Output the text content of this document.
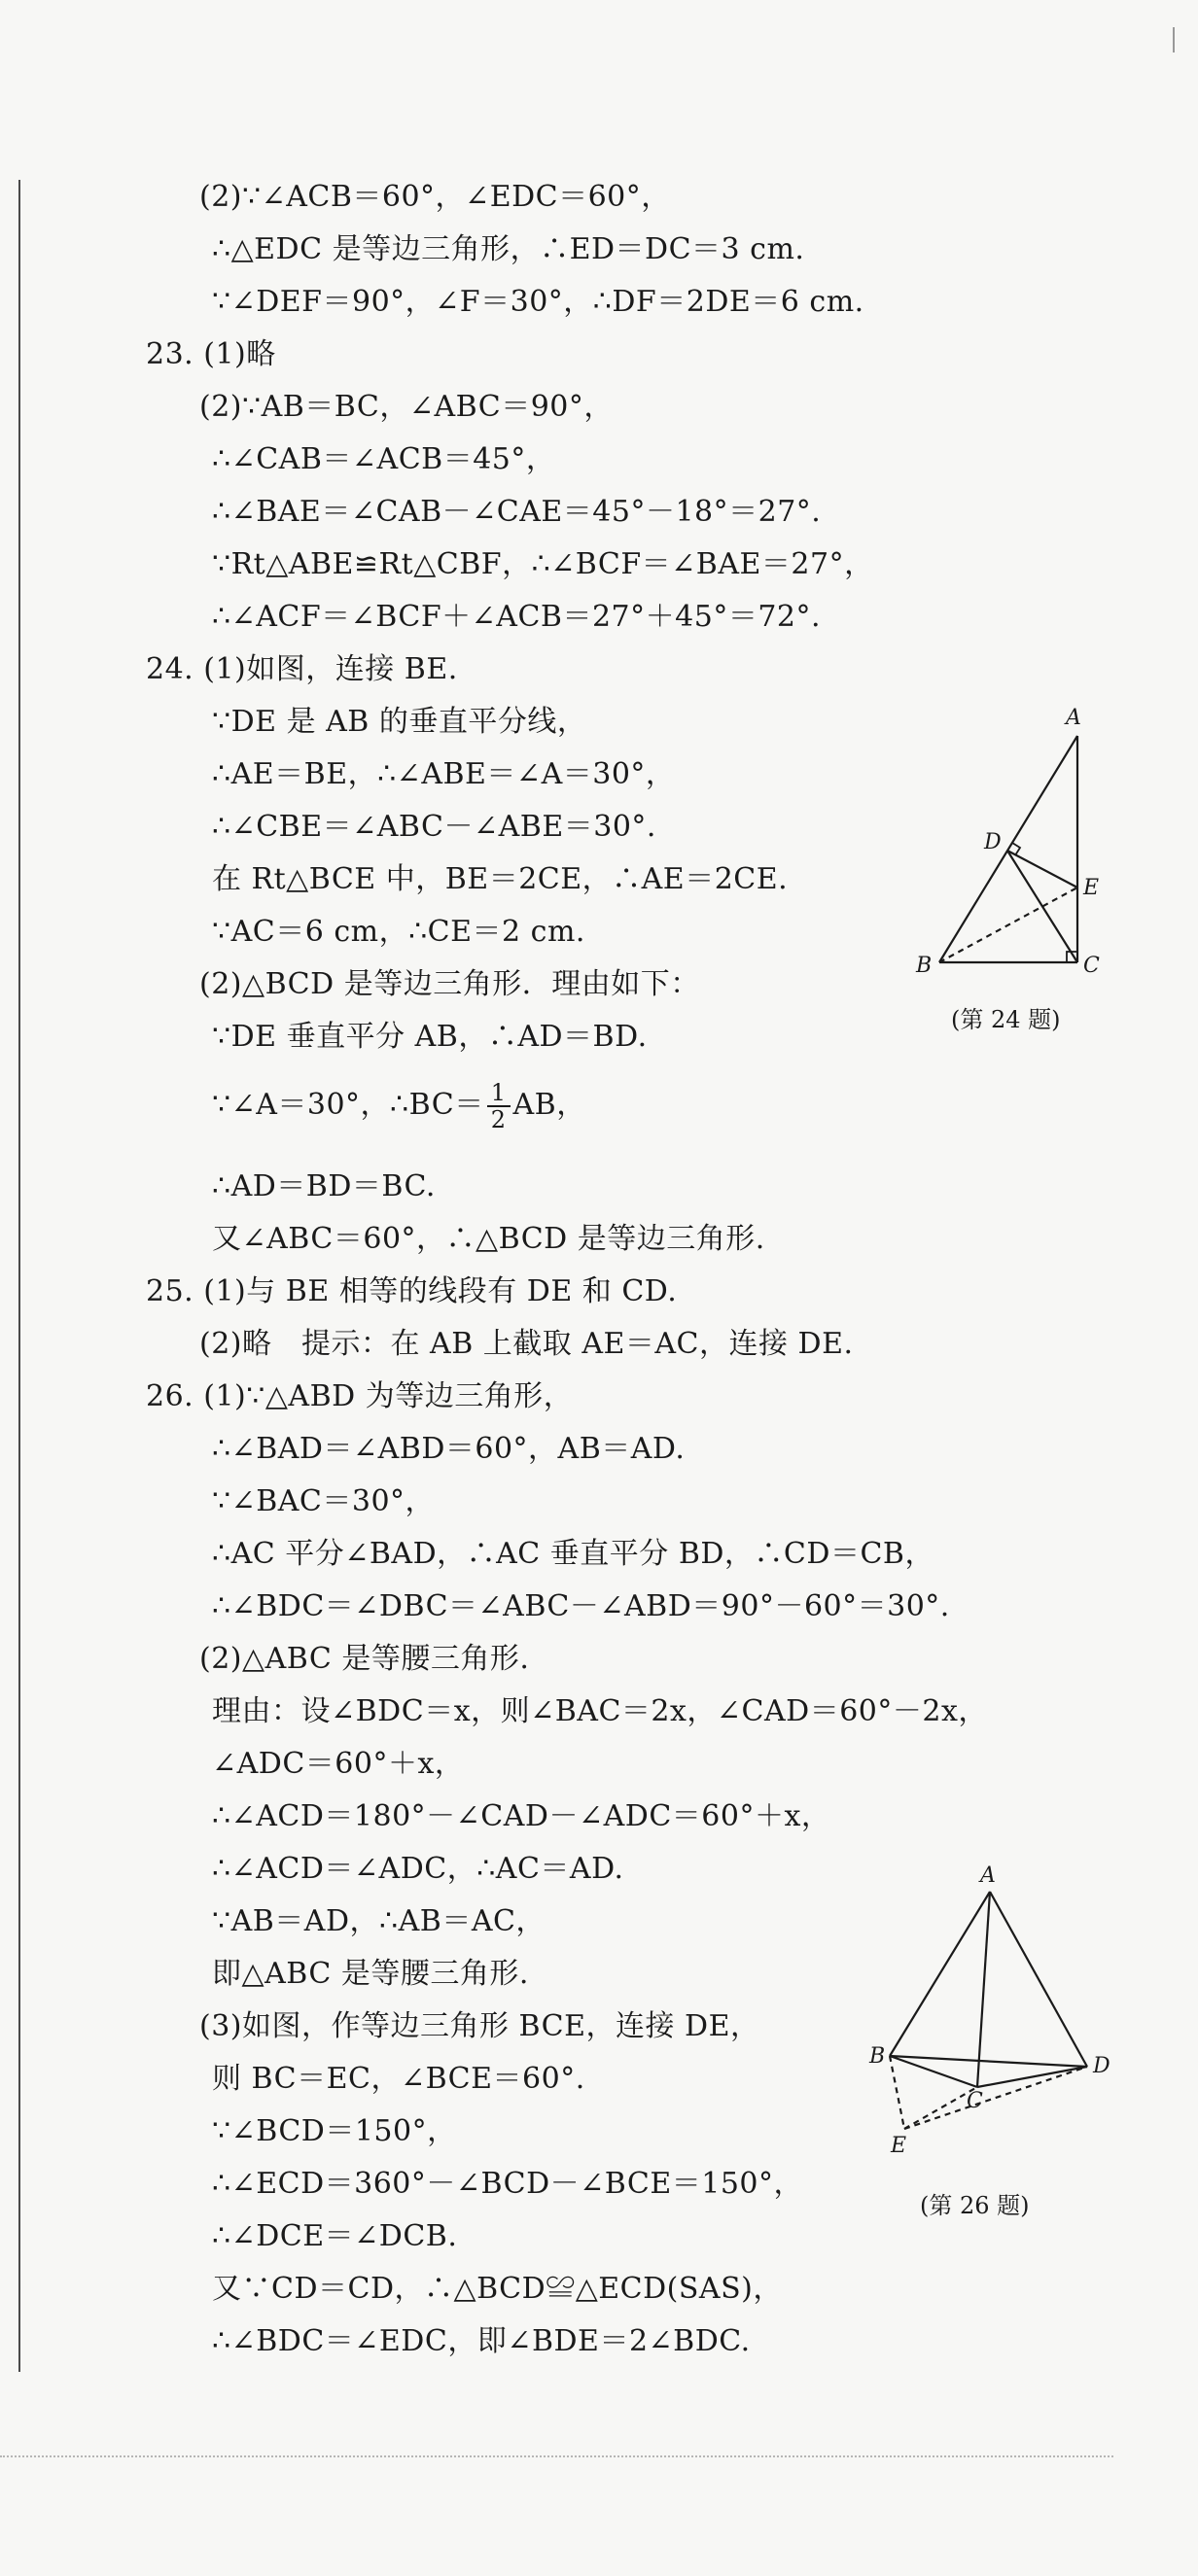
(2)∵∠ACB＝60°，∠EDC＝60°，
∴△EDC 是等边三角形，∴ED＝DC＝3 cm.
∵∠DEF＝90°，∠F＝30°，∴DF＝2DE＝6 cm.
23. (1)略
(2)∵AB＝BC，∠ABC＝90°，
∴∠CAB＝∠ACB＝45°，
∴∠BAE＝∠CAB－∠CAE＝45°－18°＝27°.
∵Rt△ABE≌Rt△CBF，∴∠BCF＝∠BAE＝27°，
∴∠ACF＝∠BCF＋∠ACB＝27°＋45°＝72°.
24. (1)如图，连接 BE.
∵DE 是 AB 的垂直平分线，
∴AE＝BE，∴∠ABE＝∠A＝30°，
∴∠CBE＝∠ABC－∠ABE＝30°.
在 Rt△BCE 中，BE＝2CE，∴AE＝2CE.
∵AC＝6 cm，∴CE＝2 cm.
(2)△BCD 是等边三角形．理由如下：
∵DE 垂直平分 AB，∴AD＝BD.
∵∠A＝30°，∴BC＝ $\frac{1}{2}$ AB，
∴AD＝BD＝BC.
又∠ABC＝60°，∴△BCD 是等边三角形.
25. (1)与 BE 相等的线段有 DE 和 CD.
(2)略　提示：在 AB 上截取 AE＝AC，连接 DE.
26. (1)∵△ABD 为等边三角形，
∴∠BAD＝∠ABD＝60°，AB＝AD.
∵∠BAC＝30°，
∴AC 平分∠BAD，∴AC 垂直平分 BD，∴CD＝CB，
∴∠BDC＝∠DBC＝∠ABC－∠ABD＝90°－60°＝30°.
(2)△ABC 是等腰三角形.
理由：设∠BDC＝x，则∠BAC＝2x，∠CAD＝60°－2x，
∠ADC＝60°＋x，
∴∠ACD＝180°－∠CAD－∠ADC＝60°＋x，
∴∠ACD＝∠ADC，∴AC＝AD.
∵AB＝AD，∴AB＝AC，
即△ABC 是等腰三角形.
(3)如图，作等边三角形 BCE，连接 DE，
则 BC＝EC，∠BCE＝60°.
∵∠BCD＝150°，
∴∠ECD＝360°－∠BCD－∠BCE＝150°，
∴∠DCE＝∠DCB.
又∵CD＝CD，∴△BCD≌△ECD(SAS)，
∴∠BDC＝∠EDC，即∠BDE＝2∠BDC.
A
D
E
B	C
(第 24 题)
A
B
C
D
E
(第 26 题)
